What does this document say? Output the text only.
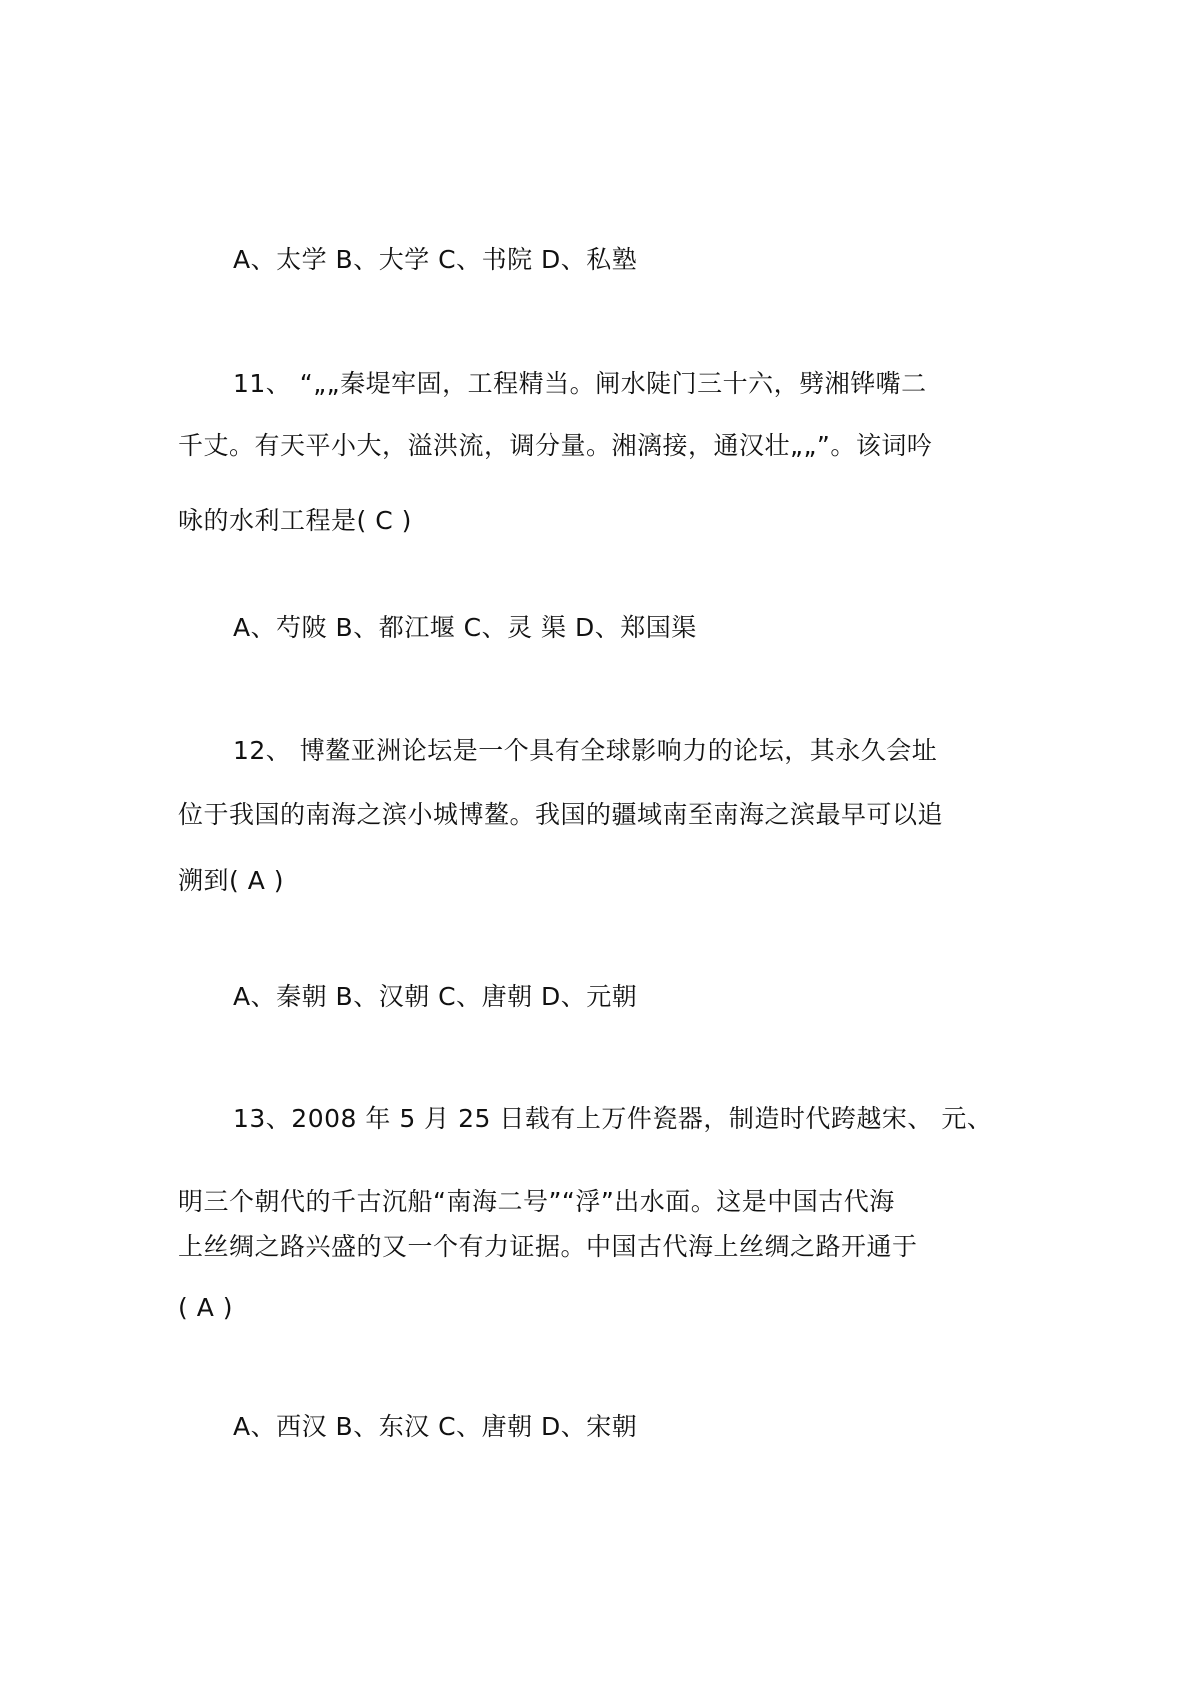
A、太学 B、大学 C、书院 D、私塾
11、 “„„秦堤牢固，工程精当。闸水陡门三十六，劈湘铧嘴二
千丈。有天平小大，溢洪流，调分量。湘漓接，通汉壮„„”。该词吟
咏的水利工程是( C )
A、芍陂 B、都江堰 C、灵 渠 D、郑国渠
12、 博鳌亚洲论坛是一个具有全球影响力的论坛，其永久会址
位于我国的南海之滨小城博鳌。我国的疆域南至南海之滨最早可以追
溯到( A )
A、秦朝 B、汉朝 C、唐朝 D、元朝
13、2008 年 5 月 25 日载有上万件瓷器，制造时代跨越宋、 元、
明三个朝代的千古沉船“南海二号”“浮”出水面。这是中国古代海
上丝绸之路兴盛的又一个有力证据。中国古代海上丝绸之路开通于
( A )
A、西汉 B、东汉 C、唐朝 D、宋朝
